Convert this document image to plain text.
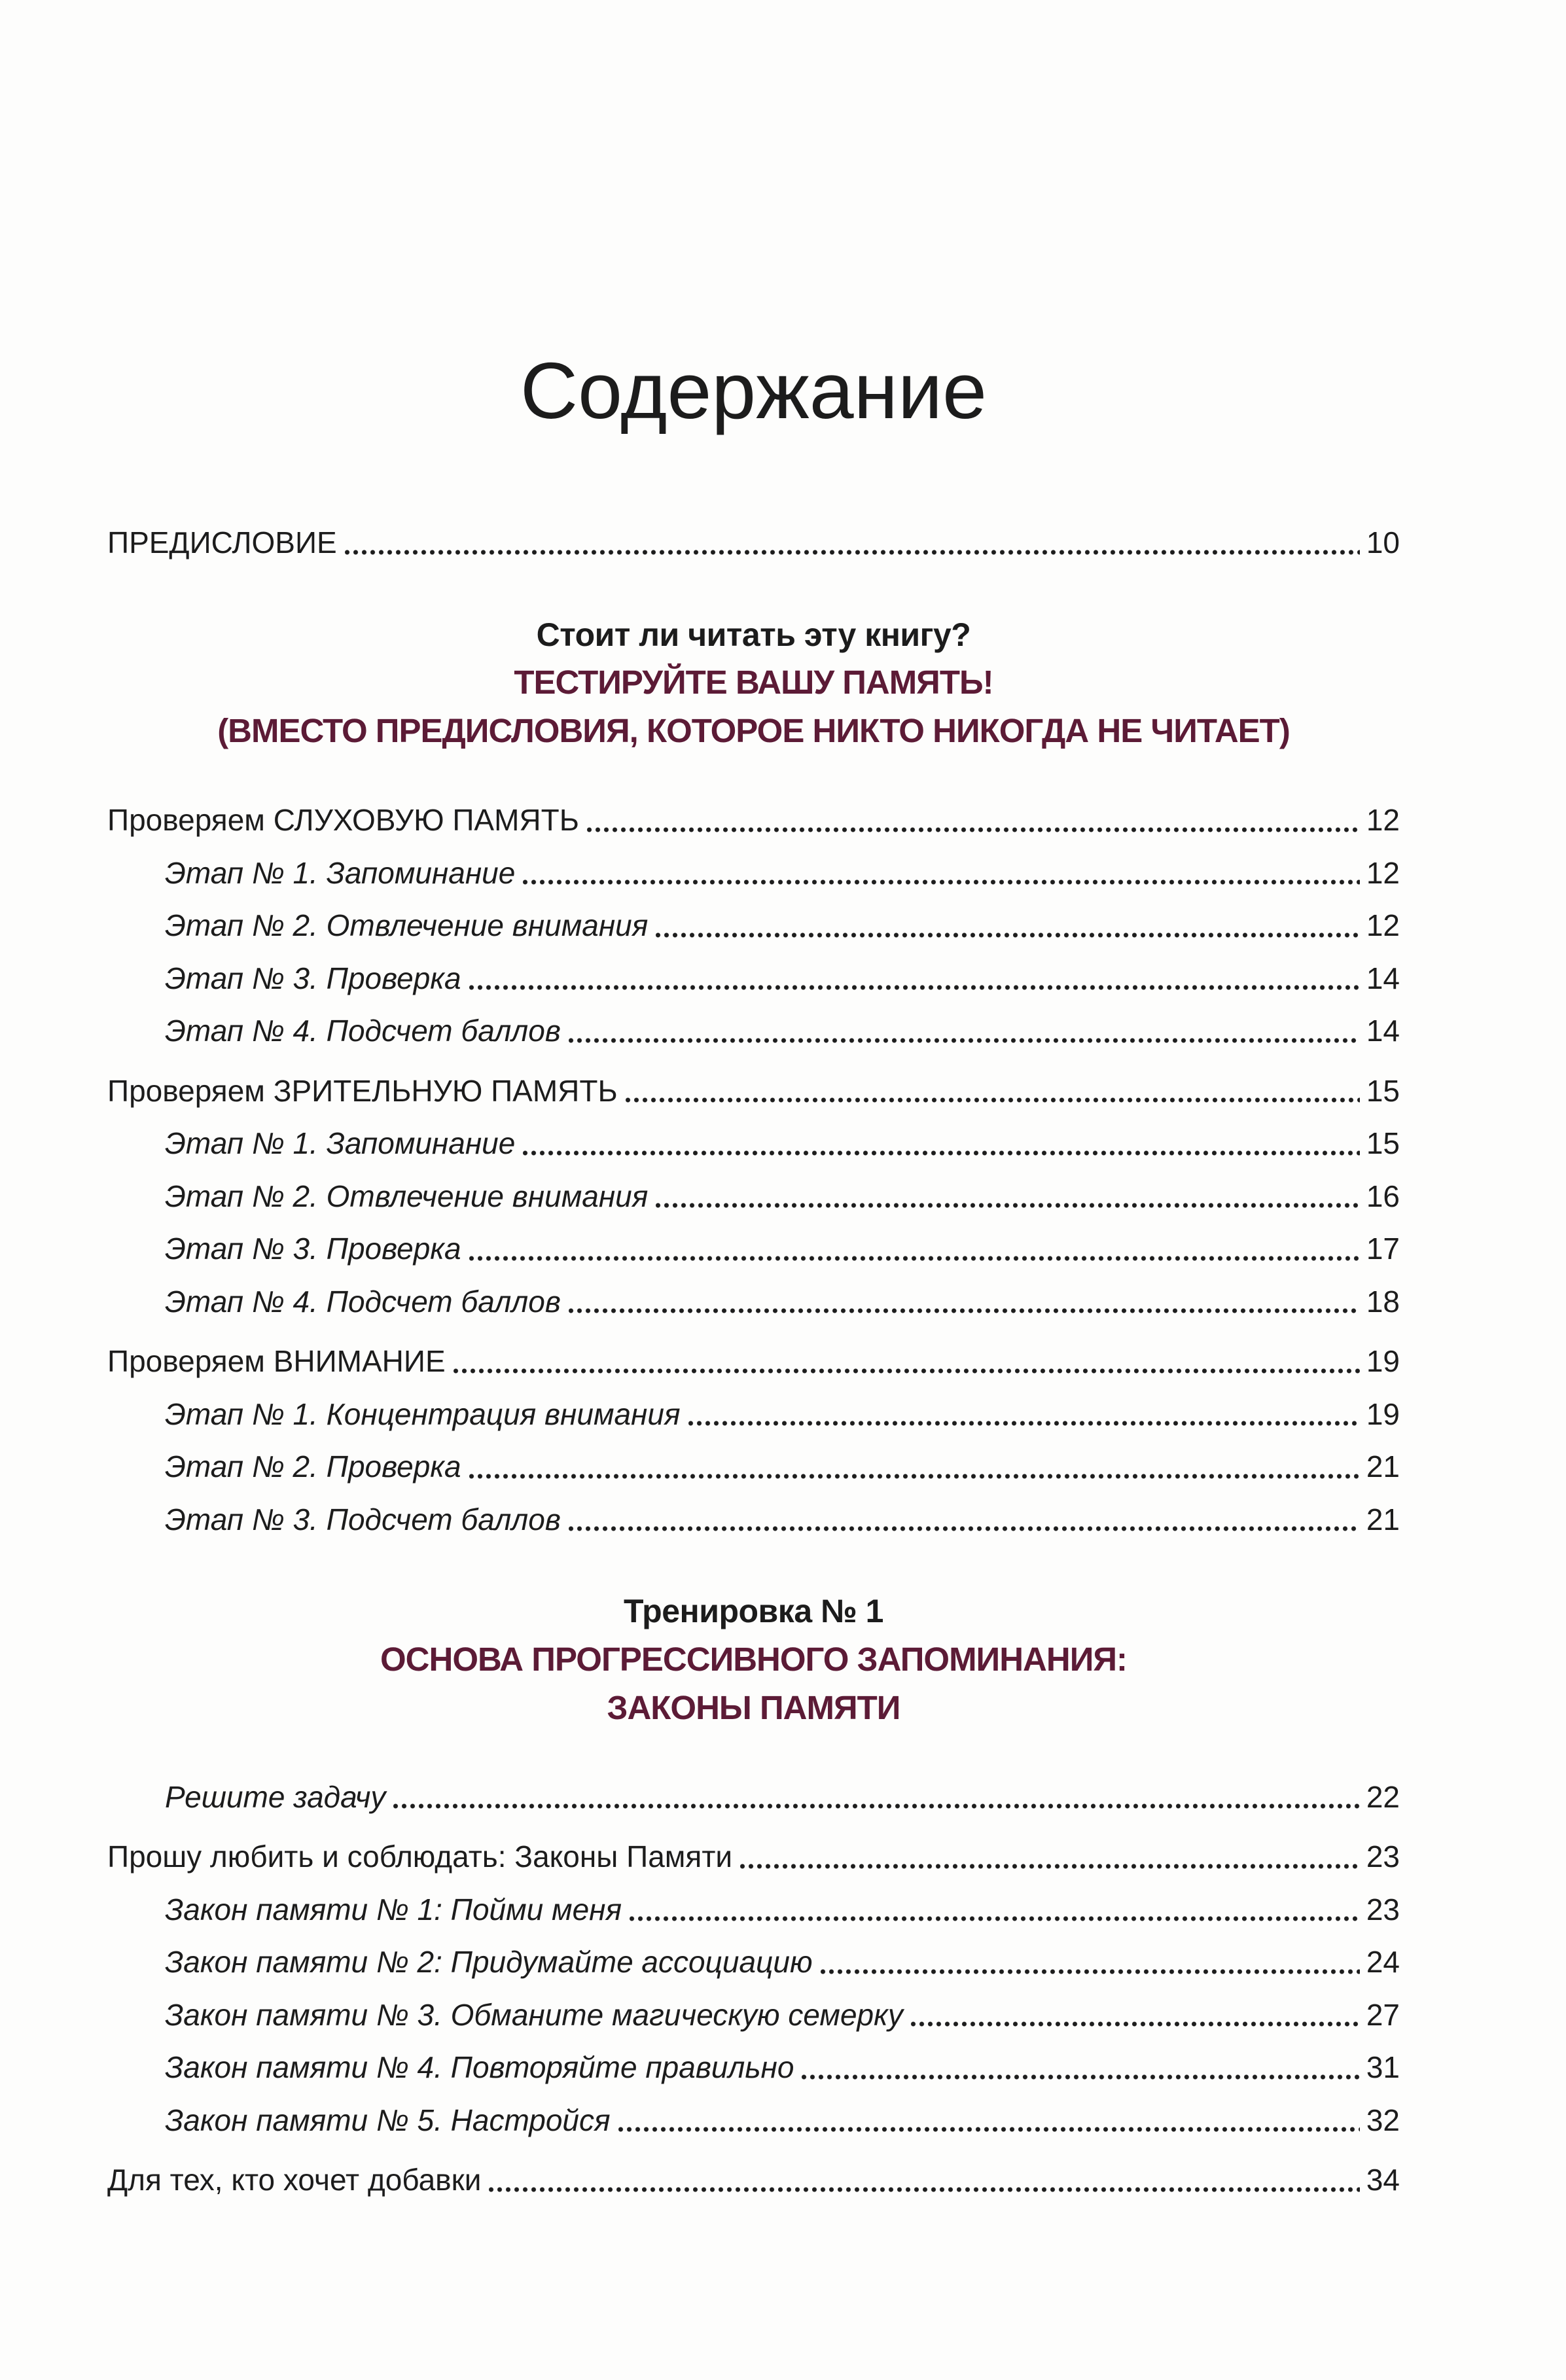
Содержание
ПРЕДИСЛОВИЕ	10
Стоит ли читать эту книгу?
ТЕСТИРУЙТЕ ВАШУ ПАМЯТЬ!
(ВМЕСТО ПРЕДИСЛОВИЯ, КОТОРОЕ НИКТО НИКОГДА НЕ ЧИТАЕТ)
Проверяем СЛУХОВУЮ ПАМЯТЬ	12
Этап № 1. Запоминание	12
Этап № 2. Отвлечение внимания	12
Этап № 3. Проверка	14
Этап № 4. Подсчет баллов	14
Проверяем ЗРИТЕЛЬНУЮ ПАМЯТЬ	15
Этап № 1. Запоминание	15
Этап № 2. Отвлечение внимания	16
Этап № 3. Проверка	17
Этап № 4. Подсчет баллов	18
Проверяем ВНИМАНИЕ	19
Этап № 1. Концентрация внимания	19
Этап № 2. Проверка	21
Этап № 3. Подсчет баллов	21
Тренировка № 1
ОСНОВА ПРОГРЕССИВНОГО ЗАПОМИНАНИЯ:
ЗАКОНЫ ПАМЯТИ
Решите задачу	22
Прошу любить и соблюдать: Законы Памяти	23
Закон памяти № 1: Пойми меня	23
Закон памяти № 2: Придумайте ассоциацию	24
Закон памяти № 3. Обманите магическую семерку	27
Закон памяти № 4. Повторяйте правильно	31
Закон памяти № 5. Настройся	32
Для тех, кто хочет добавки	34
